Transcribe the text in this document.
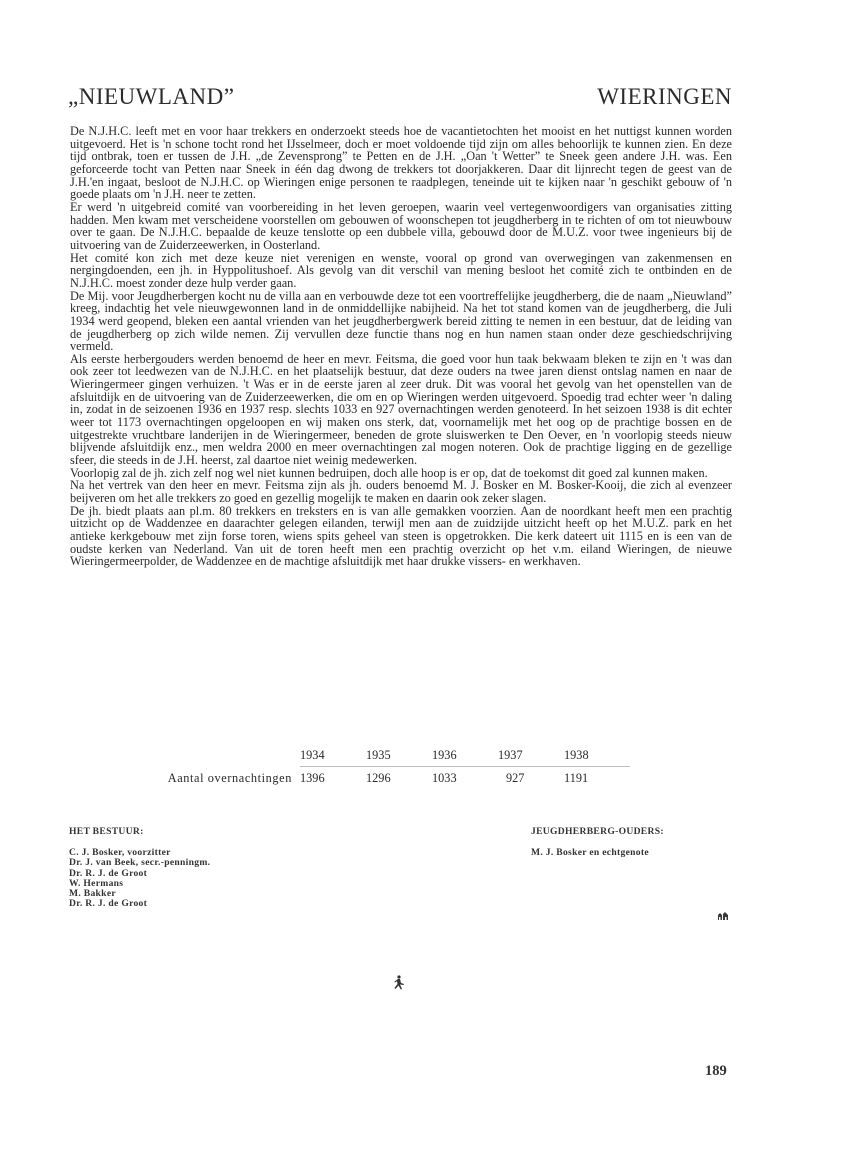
„NIEUWLAND”	WIERINGEN

De N.J.H.C. leeft met en voor haar trekkers en onderzoekt steeds hoe de vacantietochten het mooist en het nuttigst kunnen worden uitgevoerd. Het is 'n schone tocht rond het IJsselmeer, doch er moet voldoende tijd zijn om alles behoorlijk te kunnen zien. En deze tijd ontbrak, toen er tussen de J.H. „de Zevensprong” te Petten en de J.H. „Oan 't Wetter” te Sneek geen andere J.H. was. Een geforceerde tocht van Petten naar Sneek in één dag dwong de trekkers tot doorjakkeren. Daar dit lijnrecht tegen de geest van de J.H.'en ingaat, besloot de N.J.H.C. op Wieringen enige personen te raadplegen, teneinde uit te kijken naar 'n geschikt gebouw of 'n goede plaats om 'n J.H. neer te zetten.

Er werd 'n uitgebreid comité van voorbereiding in het leven geroepen, waarin veel vertegenwoordigers van organisaties zitting hadden. Men kwam met verscheidene voorstellen om gebouwen of woonschepen tot jeugdherberg in te richten of om tot nieuwbouw over te gaan. De N.J.H.C. bepaalde de keuze tenslotte op een dubbele villa, gebouwd door de M.U.Z. voor twee ingenieurs bij de uitvoering van de Zuiderzeewerken, in Oosterland.

Het comité kon zich met deze keuze niet verenigen en wenste, vooral op grond van overwegingen van zakenmensen en nergingdoenden, een jh. in Hyppolitushoef. Als gevolg van dit verschil van mening besloot het comité zich te ontbinden en de N.J.H.C. moest zonder deze hulp verder gaan.

De Mij. voor Jeugdherbergen kocht nu de villa aan en verbouwde deze tot een voortreffelijke jeugdherberg, die de naam „Nieuwland” kreeg, indachtig het vele nieuwgewonnen land in de onmiddellijke nabijheid. Na het tot stand komen van de jeugdherberg, die Juli 1934 werd geopend, bleken een aantal vrienden van het jeugdherbergwerk bereid zitting te nemen in een bestuur, dat de leiding van de jeugdherberg op zich wilde nemen. Zij vervullen deze functie thans nog en hun namen staan onder deze geschiedschrijving vermeld.

Als eerste herbergouders werden benoemd de heer en mevr. Feitsma, die goed voor hun taak bekwaam bleken te zijn en 't was dan ook zeer tot leedwezen van de N.J.H.C. en het plaatselijk bestuur, dat deze ouders na twee jaren dienst ontslag namen en naar de Wieringermeer gingen verhuizen. 't Was er in de eerste jaren al zeer druk. Dit was vooral het gevolg van het openstellen van de afsluitdijk en de uitvoering van de Zuiderzeewerken, die om en op Wieringen werden uitgevoerd. Spoedig trad echter weer 'n daling in, zodat in de seizoenen 1936 en 1937 resp. slechts 1033 en 927 overnachtingen werden genoteerd. In het seizoen 1938 is dit echter weer tot 1173 overnachtingen opgeloopen en wij maken ons sterk, dat, voornamelijk met het oog op de prachtige bossen en de uitgestrekte vruchtbare landerijen in de Wieringermeer, beneden de grote sluiswerken te Den Oever, en 'n voorlopig steeds nieuw blijvende afsluitdijk enz., men weldra 2000 en meer overnachtingen zal mogen noteren. Ook de prachtige ligging en de gezellige sfeer, die steeds in de J.H. heerst, zal daartoe niet weinig medewerken.

Voorlopig zal de jh. zich zelf nog wel niet kunnen bedruipen, doch alle hoop is er op, dat de toekomst dit goed zal kunnen maken.

Na het vertrek van den heer en mevr. Feitsma zijn als jh. ouders benoemd M. J. Bosker en M. Bosker-Kooij, die zich al evenzeer beijveren om het alle trekkers zo goed en gezellig mogelijk te maken en daarin ook zeker slagen.

De jh. biedt plaats aan pl.m. 80 trekkers en treksters en is van alle gemakken voorzien. Aan de noordkant heeft men een prachtig uitzicht op de Waddenzee en daarachter gelegen eilanden, terwijl men aan de zuidzijde uitzicht heeft op het M.U.Z. park en het antieke kerkgebouw met zijn forse toren, wiens spits geheel van steen is opgetrokken. Die kerk dateert uit 1115 en is een van de oudste kerken van Nederland. Van uit de toren heeft men een prachtig overzicht op het v.m. eiland Wieringen, de nieuwe Wieringermeerpolder, de Waddenzee en de machtige afsluitdijk met haar drukke vissers- en werkhaven.

	1934	1935	1936	1937	1938

Aantal overnachtingen	1396	1296	1033	927	1191
HET BESTUUR:
C. J. Bosker, voorzitter
Dr. J. van Beek, secr.-penningm.
Dr. R. J. de Groot
W. Hermans
M. Bakker
Dr. R. J. de Groot
JEUGDHERBERG-OUDERS:
M. J. Bosker en echtgenote
189
